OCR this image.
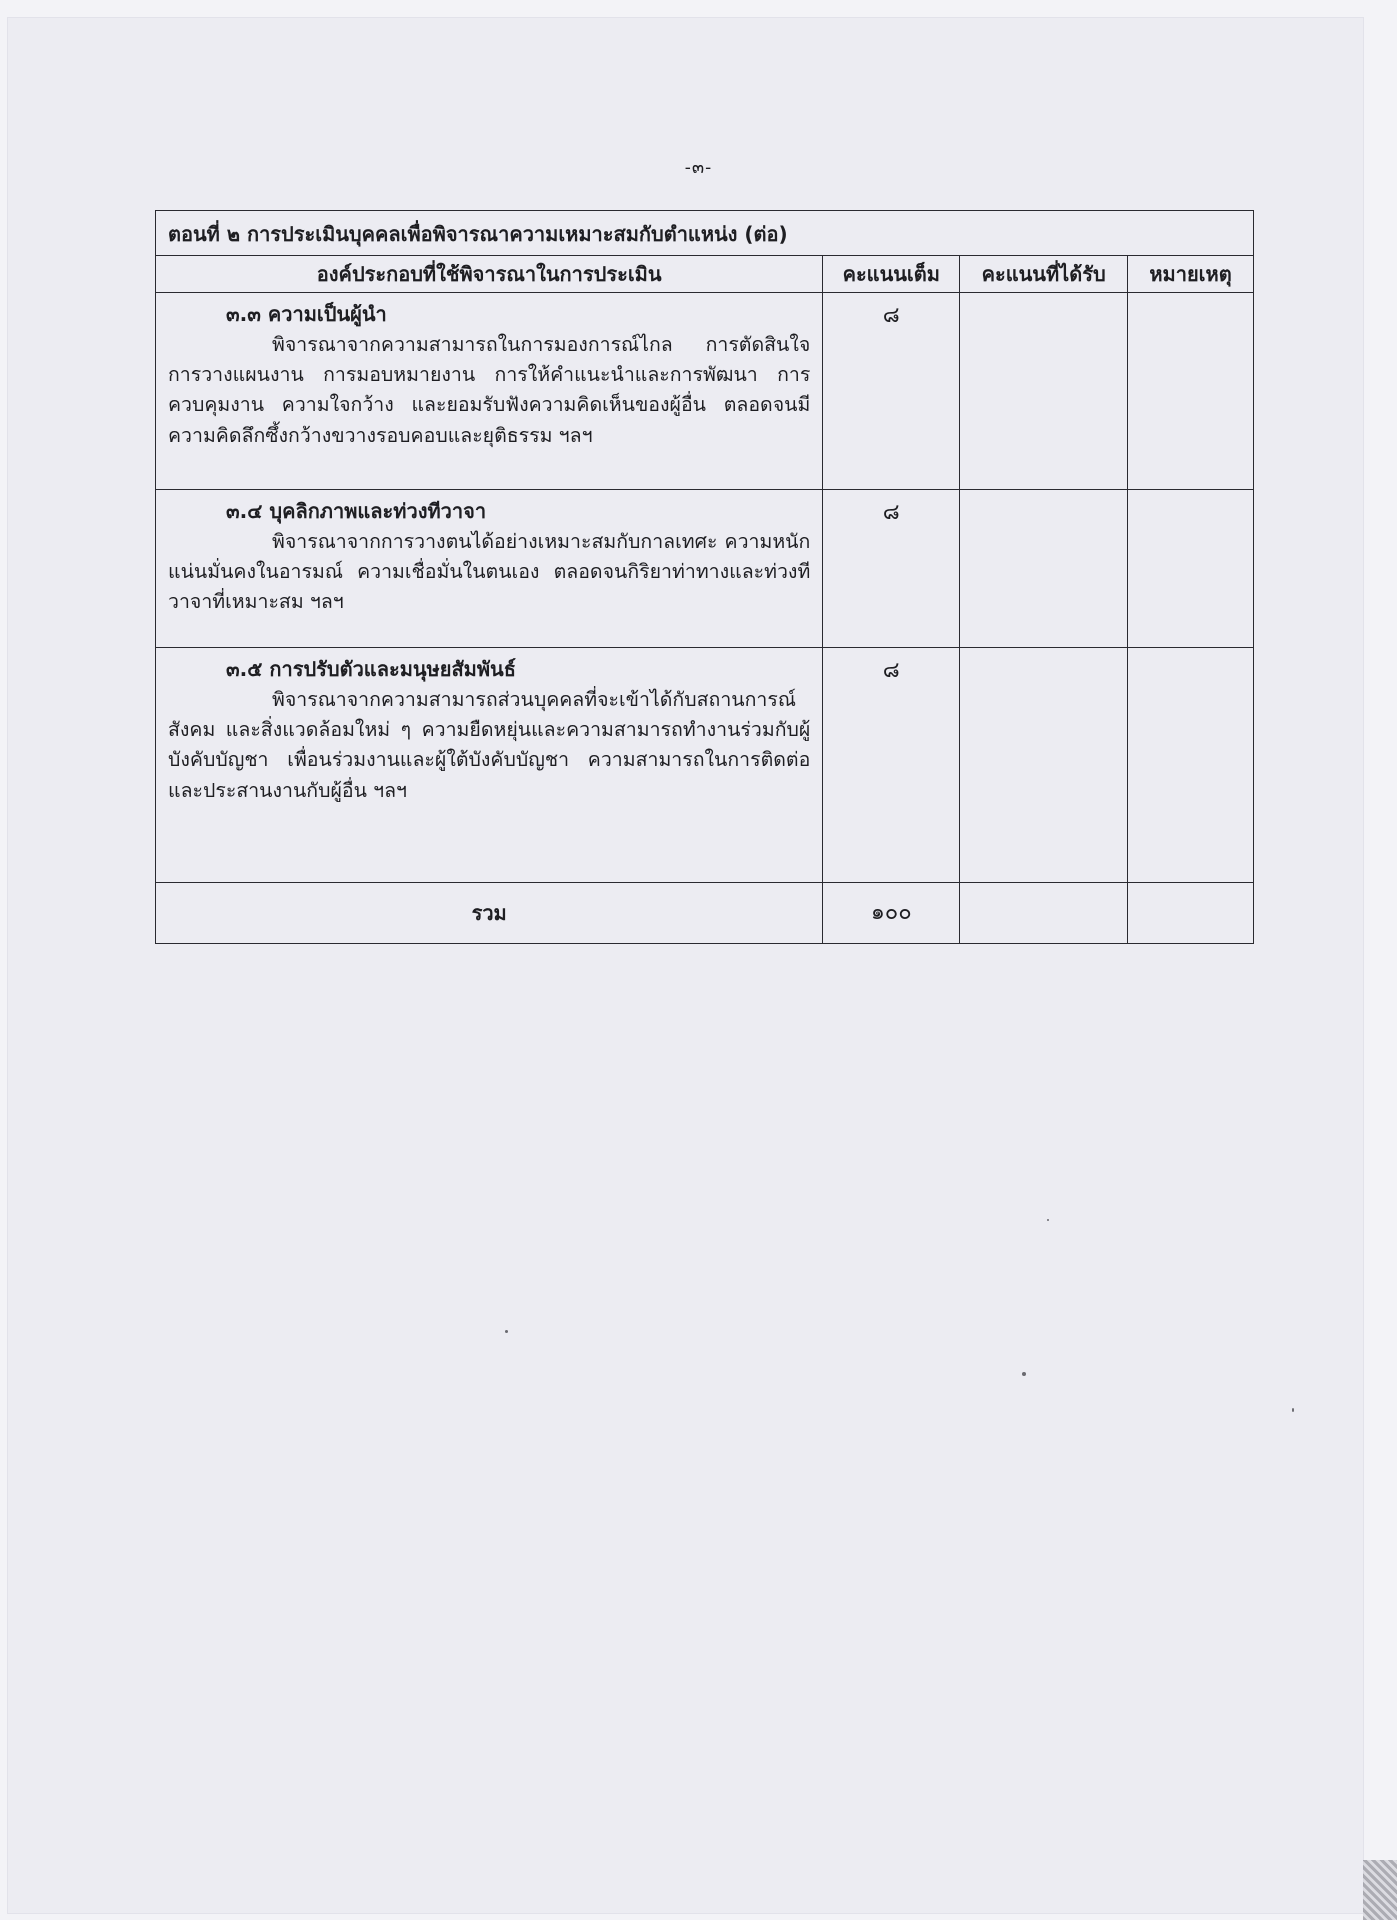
-๓-
ตอนที่ ๒ การประเมินบุคคลเพื่อพิจารณาความเหมาะสมกับตำแหน่ง (ต่อ)			
องค์ประกอบที่ใช้พิจารณาในการประเมิน	คะแนนเต็ม	คะแนนที่ได้รับ	หมายเหตุ

๓.๓ ความเป็นผู้นำ
พิจารณาจากความสามารถในการมองการณ์ไกล การตัดสินใจ การวางแผนงาน การมอบหมายงาน การให้คำแนะนำและการพัฒนา การควบคุมงาน ความใจกว้าง และยอมรับฟังความคิดเห็นของผู้อื่น ตลอดจนมีความคิดลึกซึ้งกว้างขวางรอบคอบและยุติธรรม ฯลฯ	๘		

๓.๔ บุคลิกภาพและท่วงทีวาจา
พิจารณาจากการวางตนได้อย่างเหมาะสมกับกาลเทศะ ความหนักแน่นมั่นคงในอารมณ์ ความเชื่อมั่นในตนเอง ตลอดจนกิริยาท่าทางและท่วงทีวาจาที่เหมาะสม ฯลฯ	๘		

๓.๕ การปรับตัวและมนุษยสัมพันธ์
พิจารณาจากความสามารถส่วนบุคคลที่จะเข้าได้กับสถานการณ์ สังคม และสิ่งแวดล้อมใหม่ ๆ ความยืดหยุ่นและความสามารถทำงานร่วมกับผู้บังคับบัญชา เพื่อนร่วมงานและผู้ใต้บังคับบัญชา ความสามารถในการติดต่อและประสานงานกับผู้อื่น ฯลฯ	๘		
รวม	๑๐๐		
